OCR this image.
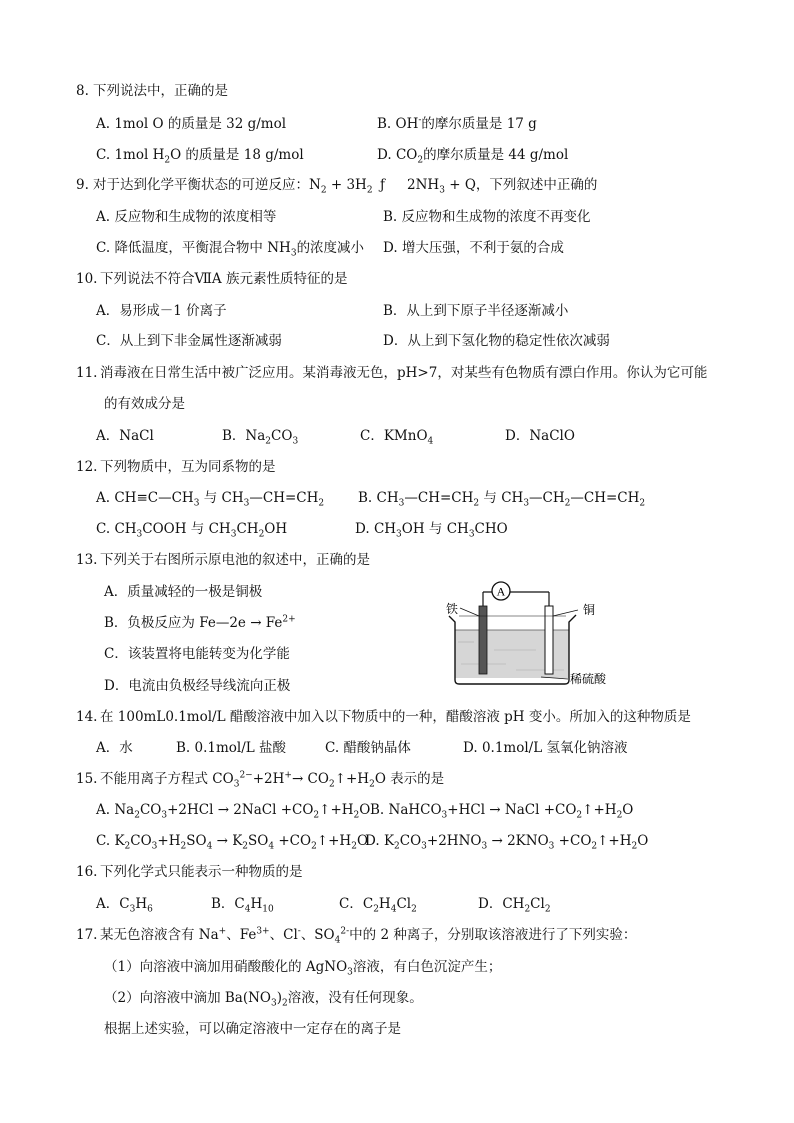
8. 下列说法中，正确的是
A. 1mol O 的质量是 32 g/mol	B. OH-的摩尔质量是 17 g
C. 1mol $H_2O$ 的质量是 18 g/mol	D. $CO_2$的摩尔质量是 44 g/mol
9. 对于达到化学平衡状态的可逆反应：$N_2 + 3H_2$ ƒ $2NH_3 + Q$，下列叙述中正确的
A. 反应物和生成物的浓度相等	B. 反应物和生成物的浓度不再变化
C. 降低温度，平衡混合物中 $NH_3$的浓度减小 D. 增大压强，不利于氨的合成
10. 下列说法不符合ⅦA 族元素性质特征的是
A．易形成－1 价离子	B．从上到下原子半径逐渐减小
C．从上到下非金属性逐渐减弱	D．从上到下氢化物的稳定性依次减弱
11. 消毒液在日常生活中被广泛应用。某消毒液无色，pH>7，对某些有色物质有漂白作用。你认为它可能
的有效成分是
A．NaCl	B．$Na_2CO_3$	C．KMnO$_4$	D．NaClO
12. 下列物质中，互为同系物的是
A. $CH\equiv C—CH_3$ 与 $CH_3—CH=CH_2$	B. $CH_3—CH=CH_2$ 与 $CH_3—CH_2—CH=CH_2$
C. $CH_3COOH$ 与 $CH_3CH_2OH$	D. $CH_3OH$ 与 $CH_3CHO$
13. 下列关于右图所示原电池的叙述中，正确的是
A．质量减轻的一极是铜极
B．负极反应为 Fe—2e → $Fe^{2+}$
C．该装置将电能转变为化学能
D．电流由负极经导线流向正极
A
铁	铜
稀硫酸
14. 在 100mL0.1mol/L 醋酸溶液中加入以下物质中的一种，醋酸溶液 pH 变小。所加入的这种物质是
A．水	B. 0.1mol/L 盐酸	C. 醋酸钠晶体	D. 0.1mol/L 氢氧化钠溶液
15. 不能用离子方程式 $CO_3^{2-}+2H^+\to$ $CO_2↑+H_2O$ 表示的是
A. $Na_2CO_3+2HCl$ → 2NaCl $+CO_2↑+H_2O$ B. NaHCO$_3$+HCl → NaCl $+CO_2↑+H_2O$
C. $K_2CO_3+H_2SO_4 \to K_2SO_4$ $+CO_2↑+H_2O$
D. $K_2CO_3+2HNO_3 \to 2KNO_3$ $+CO_2↑+H_2O$
16. 下列化学式只能表示一种物质的是
A．$C_3H_6$	B．$C_4H_{10}$	C．$C_2H_4Cl_2$	D．$CH_2Cl_2$
17. 某无色溶液含有 Na+、$Fe^{3+}$、Cl-、$SO_4^{2-}$中的 2 种离子，分别取该溶液进行了下列实验：
（1）向溶液中滴加用硝酸酸化的 AgNO$_3$溶液，有白色沉淀产生；
（2）向溶液中滴加 $Ba(NO_3)_2$溶液，没有任何现象。
根据上述实验，可以确定溶液中一定存在的离子是
